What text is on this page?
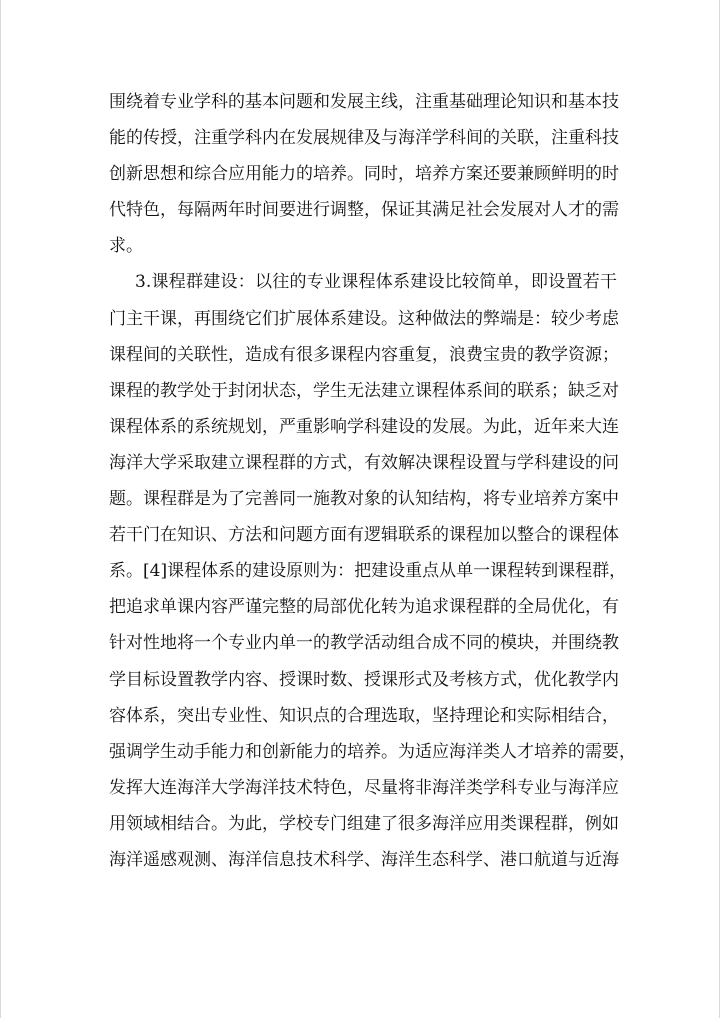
围绕着专业学科的基本问题和发展主线，注重基础理论知识和基本技
能的传授，注重学科内在发展规律及与海洋学科间的关联，注重科技
创新思想和综合应用能力的培养。同时，培养方案还要兼顾鲜明的时
代特色，每隔两年时间要进行调整，保证其满足社会发展对人才的需
求。
3.课程群建设：以往的专业课程体系建设比较简单，即设置若干
门主干课，再围绕它们扩展体系建设。这种做法的弊端是：较少考虑
课程间的关联性，造成有很多课程内容重复，浪费宝贵的教学资源；
课程的教学处于封闭状态，学生无法建立课程体系间的联系；缺乏对
课程体系的系统规划，严重影响学科建设的发展。为此，近年来大连
海洋大学采取建立课程群的方式，有效解决课程设置与学科建设的问
题。课程群是为了完善同一施教对象的认知结构，将专业培养方案中
若干门在知识、方法和问题方面有逻辑联系的课程加以整合的课程体
系。[4]课程体系的建设原则为：把建设重点从单一课程转到课程群，
把追求单课内容严谨完整的局部优化转为追求课程群的全局优化，有
针对性地将一个专业内单一的教学活动组合成不同的模块，并围绕教
学目标设置教学内容、授课时数、授课形式及考核方式，优化教学内
容体系，突出专业性、知识点的合理选取，坚持理论和实际相结合，
强调学生动手能力和创新能力的培养。为适应海洋类人才培养的需要，
发挥大连海洋大学海洋技术特色，尽量将非海洋类学科专业与海洋应
用领域相结合。为此，学校专门组建了很多海洋应用类课程群，例如
海洋遥感观测、海洋信息技术科学、海洋生态科学、港口航道与近海
